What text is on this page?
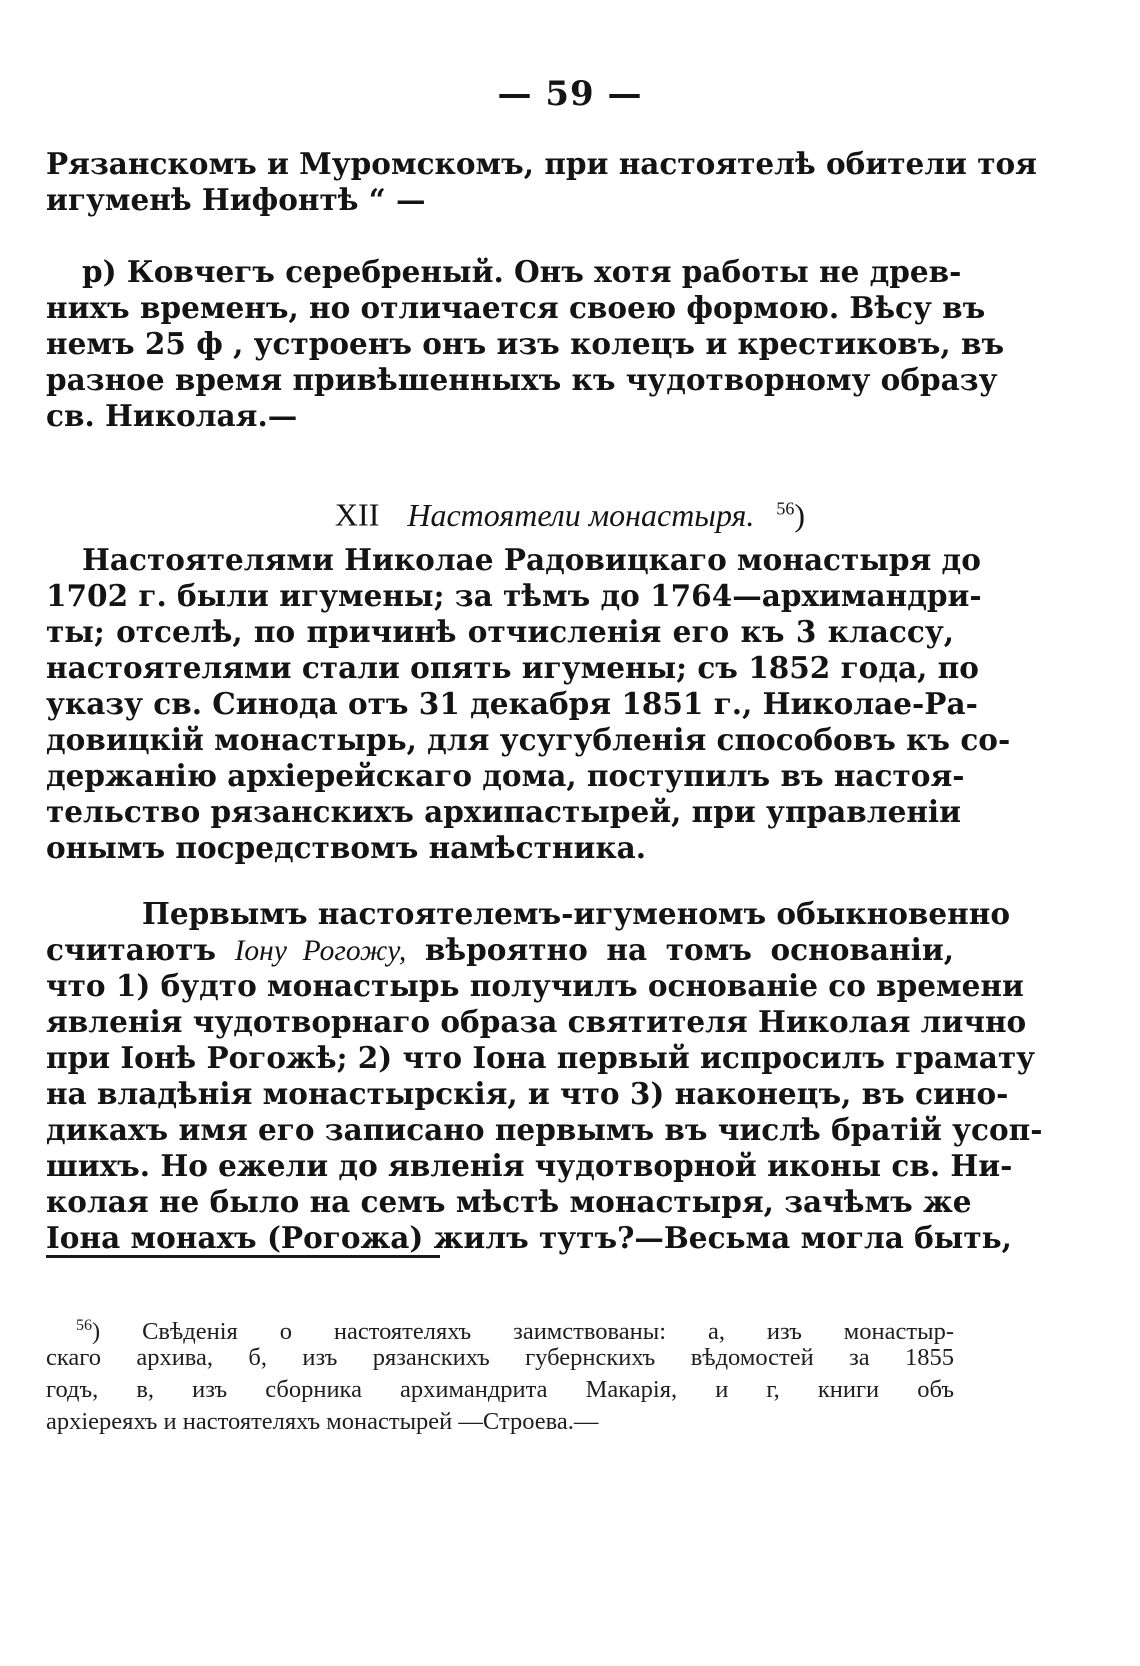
— 59 —
Рязанскомъ и Муромскомъ, при настоятелѣ обители тоя
игуменѣ Нифонтѣ “ —
р) Ковчегъ серебреный. Онъ хотя работы не древ-
нихъ временъ, но отличается своею формою. Вѣсу въ
немъ 25 ф , устроенъ онъ изъ колецъ и крестиковъ, въ
разное время привѣшенныхъ къ чудотворному образу
св. Николая.—
XII Настоятели монастыря. $^{56}$)
Настоятелями Николае Радовицкаго монастыря до
1702 г. были игумены; за тѣмъ до 1764—архимандри-
ты; отселѣ, по причинѣ отчисленія его къ 3 классу,
настоятелями стали опять игумены; съ 1852 года, по
указу св. Синода отъ 31 декабря 1851 г., Николае-Ра-
довицкій монастырь, для усугубленія способовъ къ со-
держанію архіерейскаго дома, поступилъ въ настоя-
тельство рязанскихъ архипастырей, при управленіи
онымъ посредствомъ намѣстника.
Первымъ настоятелемъ-игуменомъ обыкновенно
считаютъ Іону Рогожу, вѣроятно на томъ основаніи,
что 1) будто монастырь получилъ основаніе со времени
явленія чудотворнаго образа святителя Николая лично
при Іонѣ Рогожѣ; 2) что Іона первый испросилъ грамату
на владѣнія монастырскія, и что 3) наконецъ, въ сино-
дикахъ имя его записано первымъ въ числѣ братій усоп-
шихъ. Но ежели до явленія чудотворной иконы св. Ни-
колая не было на семъ мѣстѣ монастыря, зачѣмъ же
Іона монахъ (Рогожа) жилъ тутъ?—Весьма могла быть,
$^{56}$) Свѣденія о настоятеляхъ заимствованы: а, изъ монастыр-
скаго архива, б, изъ рязанскихъ губернскихъ вѣдомостей за 1855
годъ, в, изъ сборника архимандрита Макарія, и г, книги объ
архіереяхъ и настоятеляхъ монастырей —Строева.—
